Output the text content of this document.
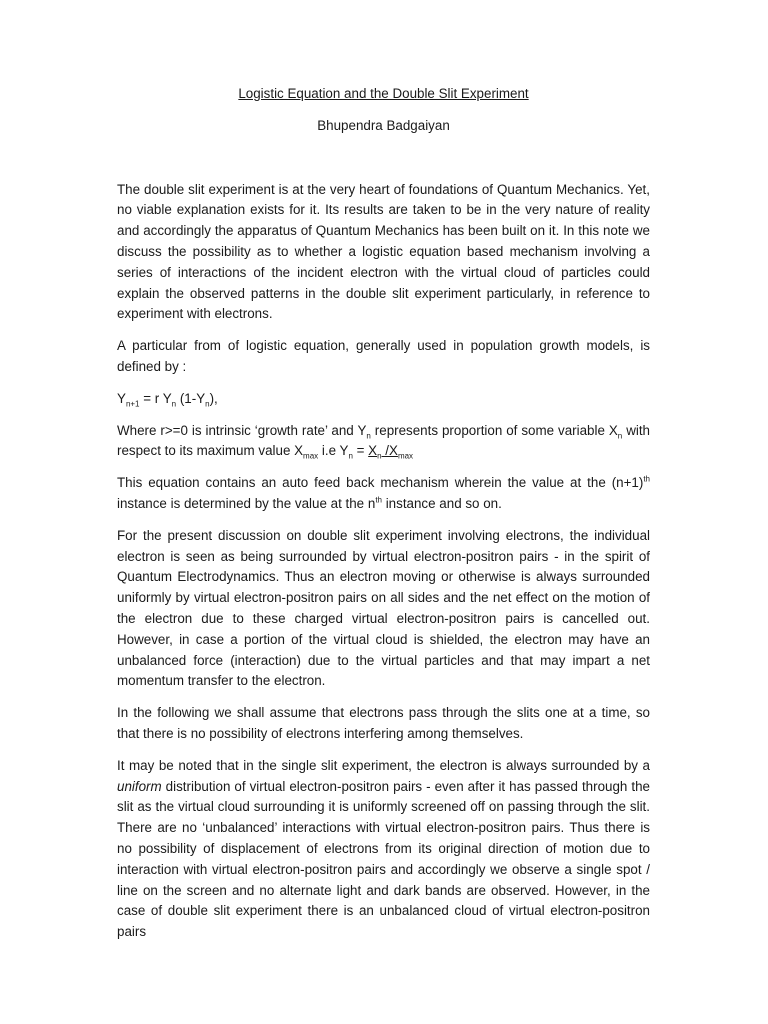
Logistic Equation and the Double Slit Experiment
Bhupendra Badgaiyan

The double slit experiment is at the very heart of foundations of Quantum Mechanics. Yet, no viable explanation exists for it. Its results are taken to be in the very nature of reality and accordingly the apparatus of Quantum Mechanics has been built on it. In this note we discuss the possibility as to whether a logistic equation based mechanism involving a series of interactions of the incident electron with the virtual cloud of particles could explain the observed patterns in the double slit experiment particularly, in reference to experiment with electrons.

A particular from of logistic equation, generally used in population growth models, is defined by :

$Y_{n+1} = r$ $Y_n$ $(1-Y_n)$,

Where r>=0 is intrinsic ‘growth rate’ and $Y_n$ represents proportion of some variable $X_n$ with respect to its maximum value $X_{max}$ i.e $Y_n = X_n$ $/X_{max}$

This equation contains an auto feed back mechanism wherein the value at the $(n+1)^{th}$ instance is determined by the value at the $n^{th}$ instance and so on.

For the present discussion on double slit experiment involving electrons, the individual electron is seen as being surrounded by virtual electron-positron pairs - in the spirit of Quantum Electrodynamics. Thus an electron moving or otherwise is always surrounded uniformly by virtual electron-positron pairs on all sides and the net effect on the motion of the electron due to these charged virtual electron-positron pairs is cancelled out. However, in case a portion of the virtual cloud is shielded, the electron may have an unbalanced force (interaction) due to the virtual particles and that may impart a net momentum transfer to the electron.

In the following we shall assume that electrons pass through the slits one at a time, so that there is no possibility of electrons interfering among themselves.

It may be noted that in the single slit experiment, the electron is always surrounded by a uniform distribution of virtual electron-positron pairs - even after it has passed through the slit as the virtual cloud surrounding it is uniformly screened off on passing through the slit. There are no ‘unbalanced’ interactions with virtual electron-positron pairs. Thus there is no possibility of displacement of electrons from its original direction of motion due to interaction with virtual electron-positron pairs and accordingly we observe a single spot / line on the screen and no alternate light and dark bands are observed. However, in the case of double slit experiment there is an unbalanced cloud of virtual electron-positron pairs
